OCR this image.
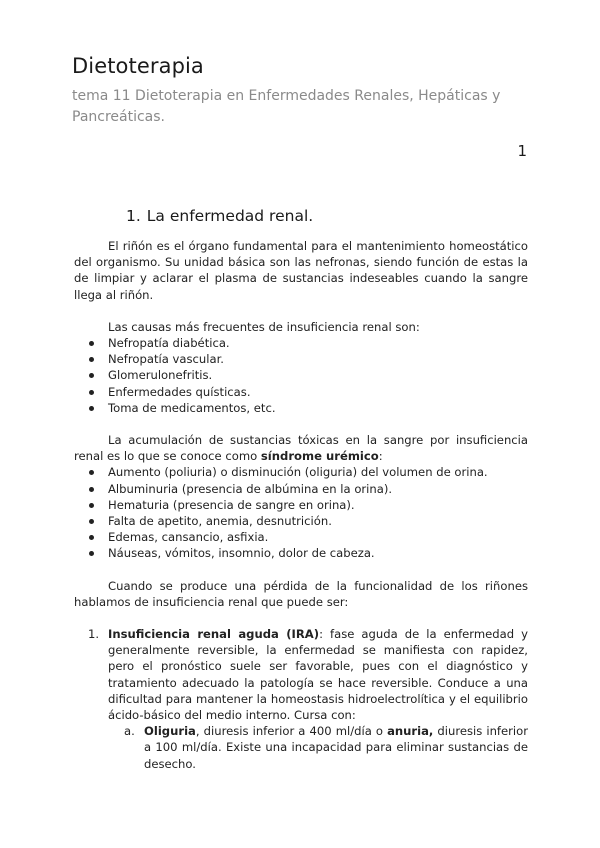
Dietoterapia
tema 11 Dietoterapia en Enfermedades Renales, Hepáticas y Pancreáticas.
1
1. La enfermedad renal.

El riñón es el órgano fundamental para el mantenimiento homeostático del organismo. Su unidad básica son las nefronas, siendo función de estas la de limpiar y aclarar el plasma de sustancias indeseables cuando la sangre llega al riñón.

Las causas más frecuentes de insuficiencia renal son:

Nefropatía diabética.
Nefropatía vascular.
Glomerulonefritis.
Enfermedades quísticas.
Toma de medicamentos, etc.

La acumulación de sustancias tóxicas en la sangre por insuficiencia renal es lo que se conoce como síndrome urémico:

Aumento (poliuria) o disminución (oliguria) del volumen de orina.
Albuminuria (presencia de albúmina en la orina).
Hematuria (presencia de sangre en orina).
Falta de apetito, anemia, desnutrición.
Edemas, cansancio, asfixia.
Náuseas, vómitos, insomnio, dolor de cabeza.

Cuando se produce una pérdida de la funcionalidad de los riñones hablamos de insuficiencia renal que puede ser:

1. Insuficiencia renal aguda (IRA): fase aguda de la enfermedad y generalmente reversible, la enfermedad se manifiesta con rapidez, pero el pronóstico suele ser favorable, pues con el diagnóstico y tratamiento adecuado la patología se hace reversible. Conduce a una dificultad para mantener la homeostasis hidroelectrolítica y el equilibrio ácido-básico del medio interno. Cursa con:
a. Oliguria, diuresis inferior a 400 ml/día o anuria, diuresis inferior a 100 ml/día. Existe una incapacidad para eliminar sustancias de desecho.
